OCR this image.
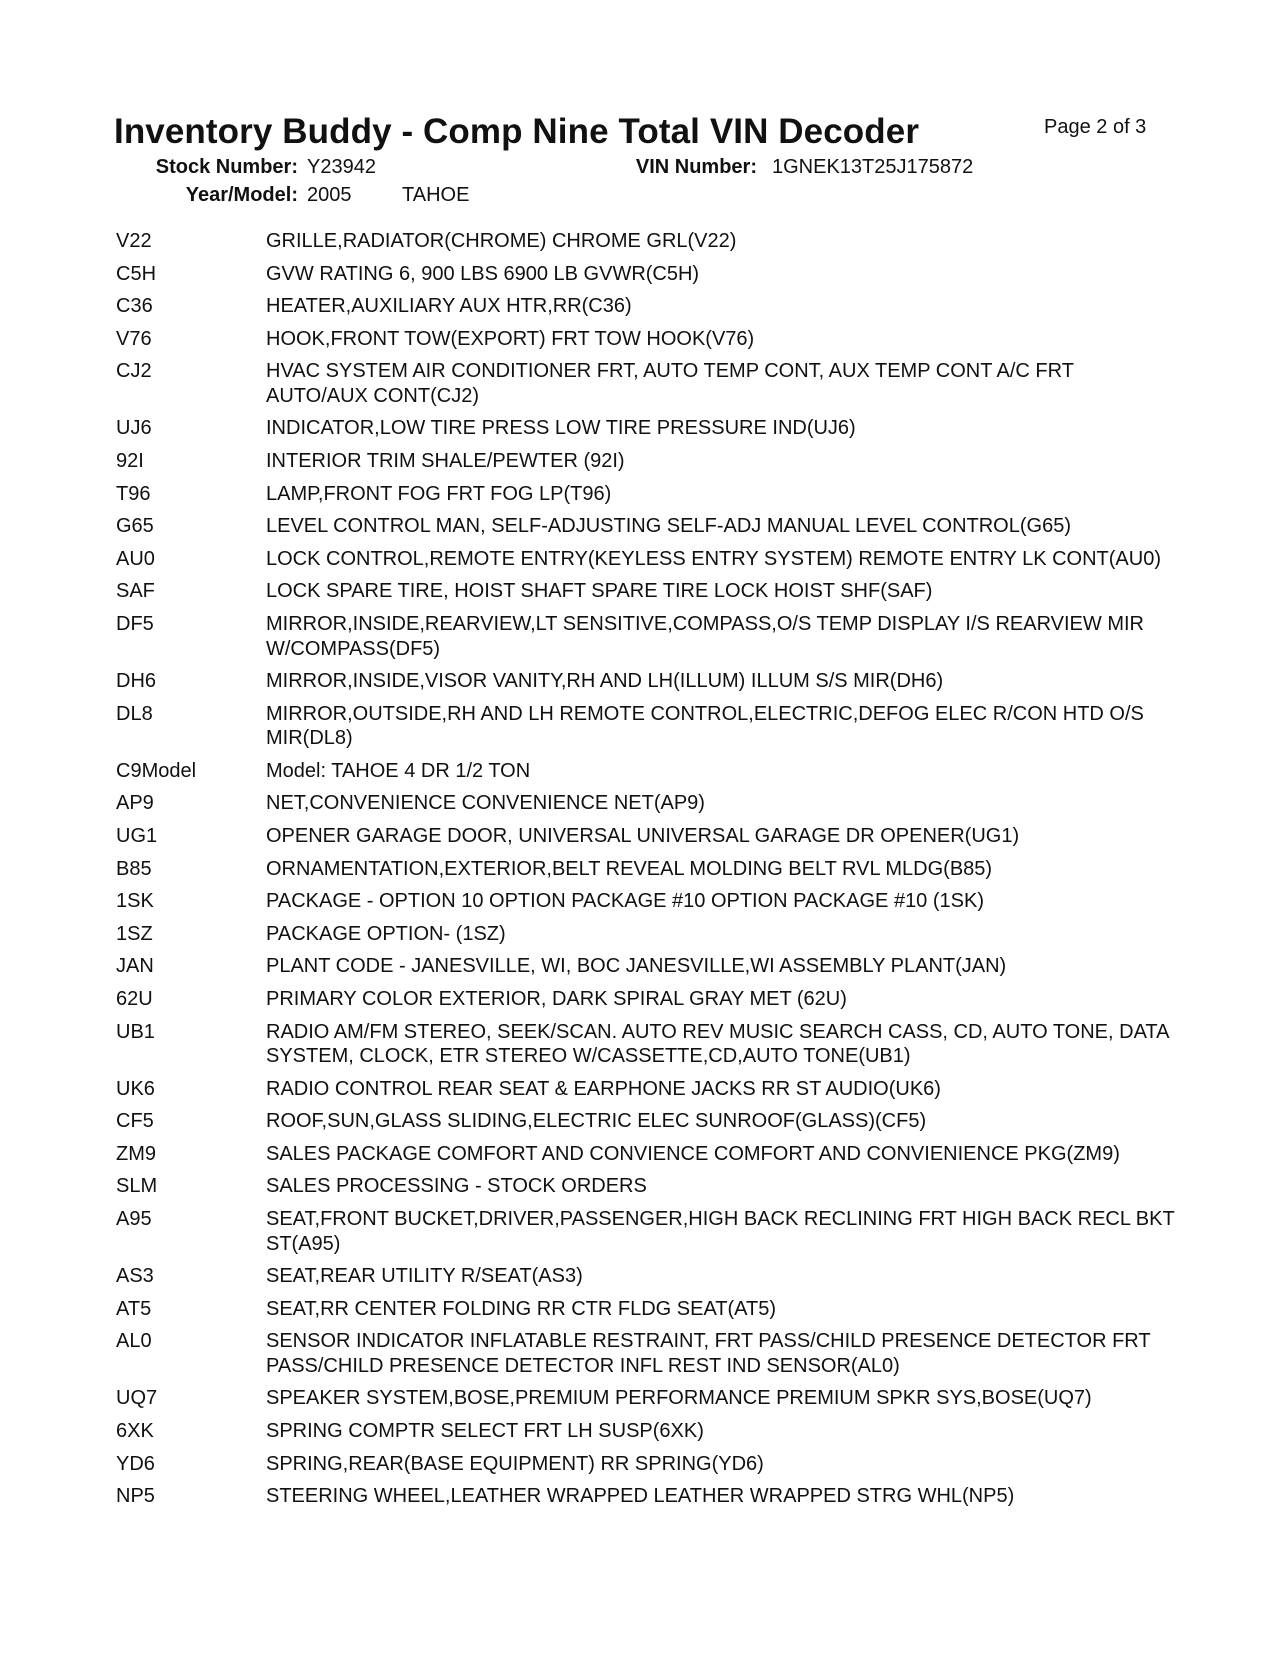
Inventory Buddy - Comp Nine Total VIN Decoder	Page 2 of 3
Stock Number: Y23942	VIN Number: 1GNEK13T25J175872
Year/Model: 2005	TAHOE
V22	GRILLE,RADIATOR(CHROME) CHROME GRL(V22)
C5H	GVW RATING 6, 900 LBS 6900 LB GVWR(C5H)
C36	HEATER,AUXILIARY AUX HTR,RR(C36)
V76	HOOK,FRONT TOW(EXPORT) FRT TOW HOOK(V76)
CJ2	HVAC SYSTEM AIR CONDITIONER FRT, AUTO TEMP CONT, AUX TEMP CONT A/C FRT AUTO/AUX CONT(CJ2)
UJ6	INDICATOR,LOW TIRE PRESS LOW TIRE PRESSURE IND(UJ6)
92I	INTERIOR TRIM SHALE/PEWTER (92I)
T96	LAMP,FRONT FOG FRT FOG LP(T96)
G65	LEVEL CONTROL MAN, SELF-ADJUSTING SELF-ADJ MANUAL LEVEL CONTROL(G65)
AU0	LOCK CONTROL,REMOTE ENTRY(KEYLESS ENTRY SYSTEM) REMOTE ENTRY LK CONT(AU0)
SAF	LOCK SPARE TIRE, HOIST SHAFT SPARE TIRE LOCK HOIST SHF(SAF)
DF5	MIRROR,INSIDE,REARVIEW,LT SENSITIVE,COMPASS,O/S TEMP DISPLAY I/S REARVIEW MIR W/COMPASS(DF5)
DH6	MIRROR,INSIDE,VISOR VANITY,RH AND LH(ILLUM) ILLUM S/S MIR(DH6)
DL8	MIRROR,OUTSIDE,RH AND LH REMOTE CONTROL,ELECTRIC,DEFOG ELEC R/CON HTD O/S MIR(DL8)
C9Model	Model: TAHOE 4 DR 1/2 TON
AP9	NET,CONVENIENCE CONVENIENCE NET(AP9)
UG1	OPENER GARAGE DOOR, UNIVERSAL UNIVERSAL GARAGE DR OPENER(UG1)
B85	ORNAMENTATION,EXTERIOR,BELT REVEAL MOLDING BELT RVL MLDG(B85)
1SK	PACKAGE - OPTION 10 OPTION PACKAGE #10 OPTION PACKAGE #10 (1SK)
1SZ	PACKAGE OPTION- (1SZ)
JAN	PLANT CODE - JANESVILLE, WI, BOC JANESVILLE,WI ASSEMBLY PLANT(JAN)
62U	PRIMARY COLOR EXTERIOR, DARK SPIRAL GRAY MET (62U)
UB1	RADIO AM/FM STEREO, SEEK/SCAN. AUTO REV MUSIC SEARCH CASS, CD, AUTO TONE, DATA SYSTEM, CLOCK, ETR STEREO W/CASSETTE,CD,AUTO TONE(UB1)
UK6	RADIO CONTROL REAR SEAT & EARPHONE JACKS RR ST AUDIO(UK6)
CF5	ROOF,SUN,GLASS SLIDING,ELECTRIC ELEC SUNROOF(GLASS)(CF5)
ZM9	SALES PACKAGE COMFORT AND CONVIENCE COMFORT AND CONVIENIENCE PKG(ZM9)
SLM	SALES PROCESSING - STOCK ORDERS
A95	SEAT,FRONT BUCKET,DRIVER,PASSENGER,HIGH BACK RECLINING FRT HIGH BACK RECL BKT ST(A95)
AS3	SEAT,REAR UTILITY R/SEAT(AS3)
AT5	SEAT,RR CENTER FOLDING RR CTR FLDG SEAT(AT5)
AL0	SENSOR INDICATOR INFLATABLE RESTRAINT, FRT PASS/CHILD PRESENCE DETECTOR FRT PASS/CHILD PRESENCE DETECTOR INFL REST IND SENSOR(AL0)
UQ7	SPEAKER SYSTEM,BOSE,PREMIUM PERFORMANCE PREMIUM SPKR SYS,BOSE(UQ7)
6XK	SPRING COMPTR SELECT FRT LH SUSP(6XK)
YD6	SPRING,REAR(BASE EQUIPMENT) RR SPRING(YD6)
NP5	STEERING WHEEL,LEATHER WRAPPED LEATHER WRAPPED STRG WHL(NP5)
